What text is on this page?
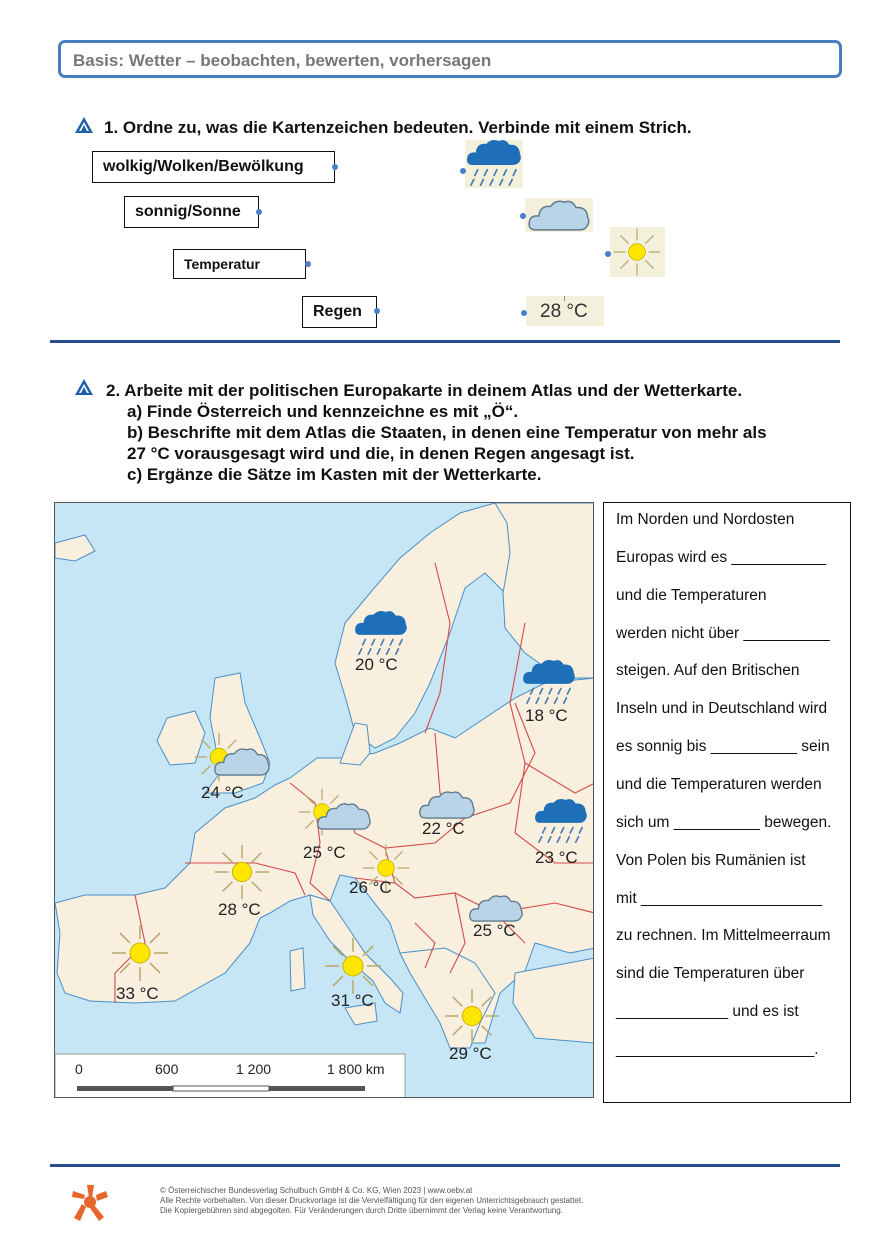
Basis: Wetter – beobachten, bewerten, vorhersagen
1. Ordne zu, was die Kartenzeichen bedeuten. Verbinde mit einem Strich.
wolkig/Wolken/Bewölkung
sonnig/Sonne
Temperatur
Regen	28 °C
2. Arbeite mit der politischen Europakarte in deinem Atlas und der Wetterkarte.
a) Finde Österreich und kennzeichne es mit „Ö“.
b) Beschrifte mit dem Atlas die Staaten, in denen eine Temperatur von mehr als
27 °C vorausgesagt wird und die, in denen Regen angesagt ist.
c) Ergänze die Sätze im Kasten mit der Wetterkarte.
0	600	1 200	1 800 km
20 °C
18 °C
24 °C
25 °C
22 °C
23 °C
26 °C
28 °C
25 °C
33 °C	31 °C
29 °C
Im Norden und Nordosten
Europas wird es ___________
und die Temperaturen
werden nicht über __________
steigen. Auf den Britischen
Inseln und in Deutschland wird
es sonnig bis __________ sein
und die Temperaturen werden
sich um __________ bewegen.
Von Polen bis Rumänien ist
mit _____________________
zu rechnen. Im Mittelmeerraum
sind die Temperaturen über
_____________ und es ist
_______________________.
© Österreichischer Bundesverlag Schulbuch GmbH & Co. KG, Wien 2023 | www.oebv.at
Alle Rechte vorbehalten. Von dieser Druckvorlage ist die Vervielfältigung für den eigenen Unterrichtsgebrauch gestattet.
Die Kopiergebühren sind abgegolten. Für Veränderungen durch Dritte übernimmt der Verlag keine Verantwortung.
